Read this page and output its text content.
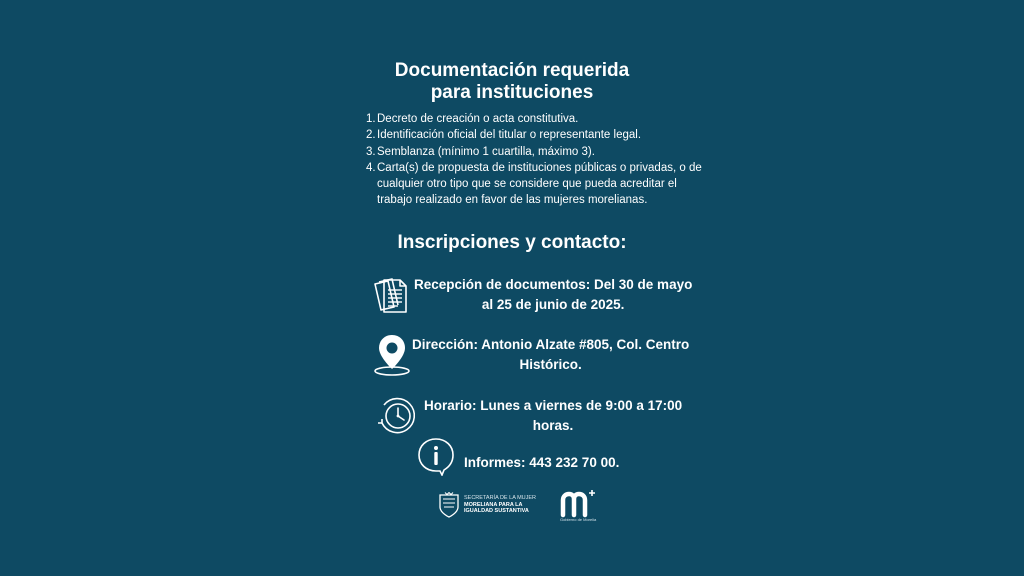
Documentación requerida
para instituciones
1. Decreto de creación o acta constitutiva.
2. Identificación oficial del titular o representante legal.
3. Semblanza (mínimo 1 cuartilla, máximo 3).
4. Carta(s) de propuesta de instituciones públicas o privadas, o de cualquier otro tipo que se considere que pueda acreditar el trabajo realizado en favor de las mujeres morelianas.
Inscripciones y contacto:
Recepción de documentos: Del 30 de mayo
al 25 de junio de 2025.
Dirección: Antonio Alzate #805, Col. Centro
Histórico.
Horario: Lunes a viernes de 9:00 a 17:00
horas.
Informes: 443 232 70 00.
SECRETARÍA DE LA MUJER
MORELIANA PARA LA
IGUALDAD SUSTANTIVA
Gobierno de Morelia
